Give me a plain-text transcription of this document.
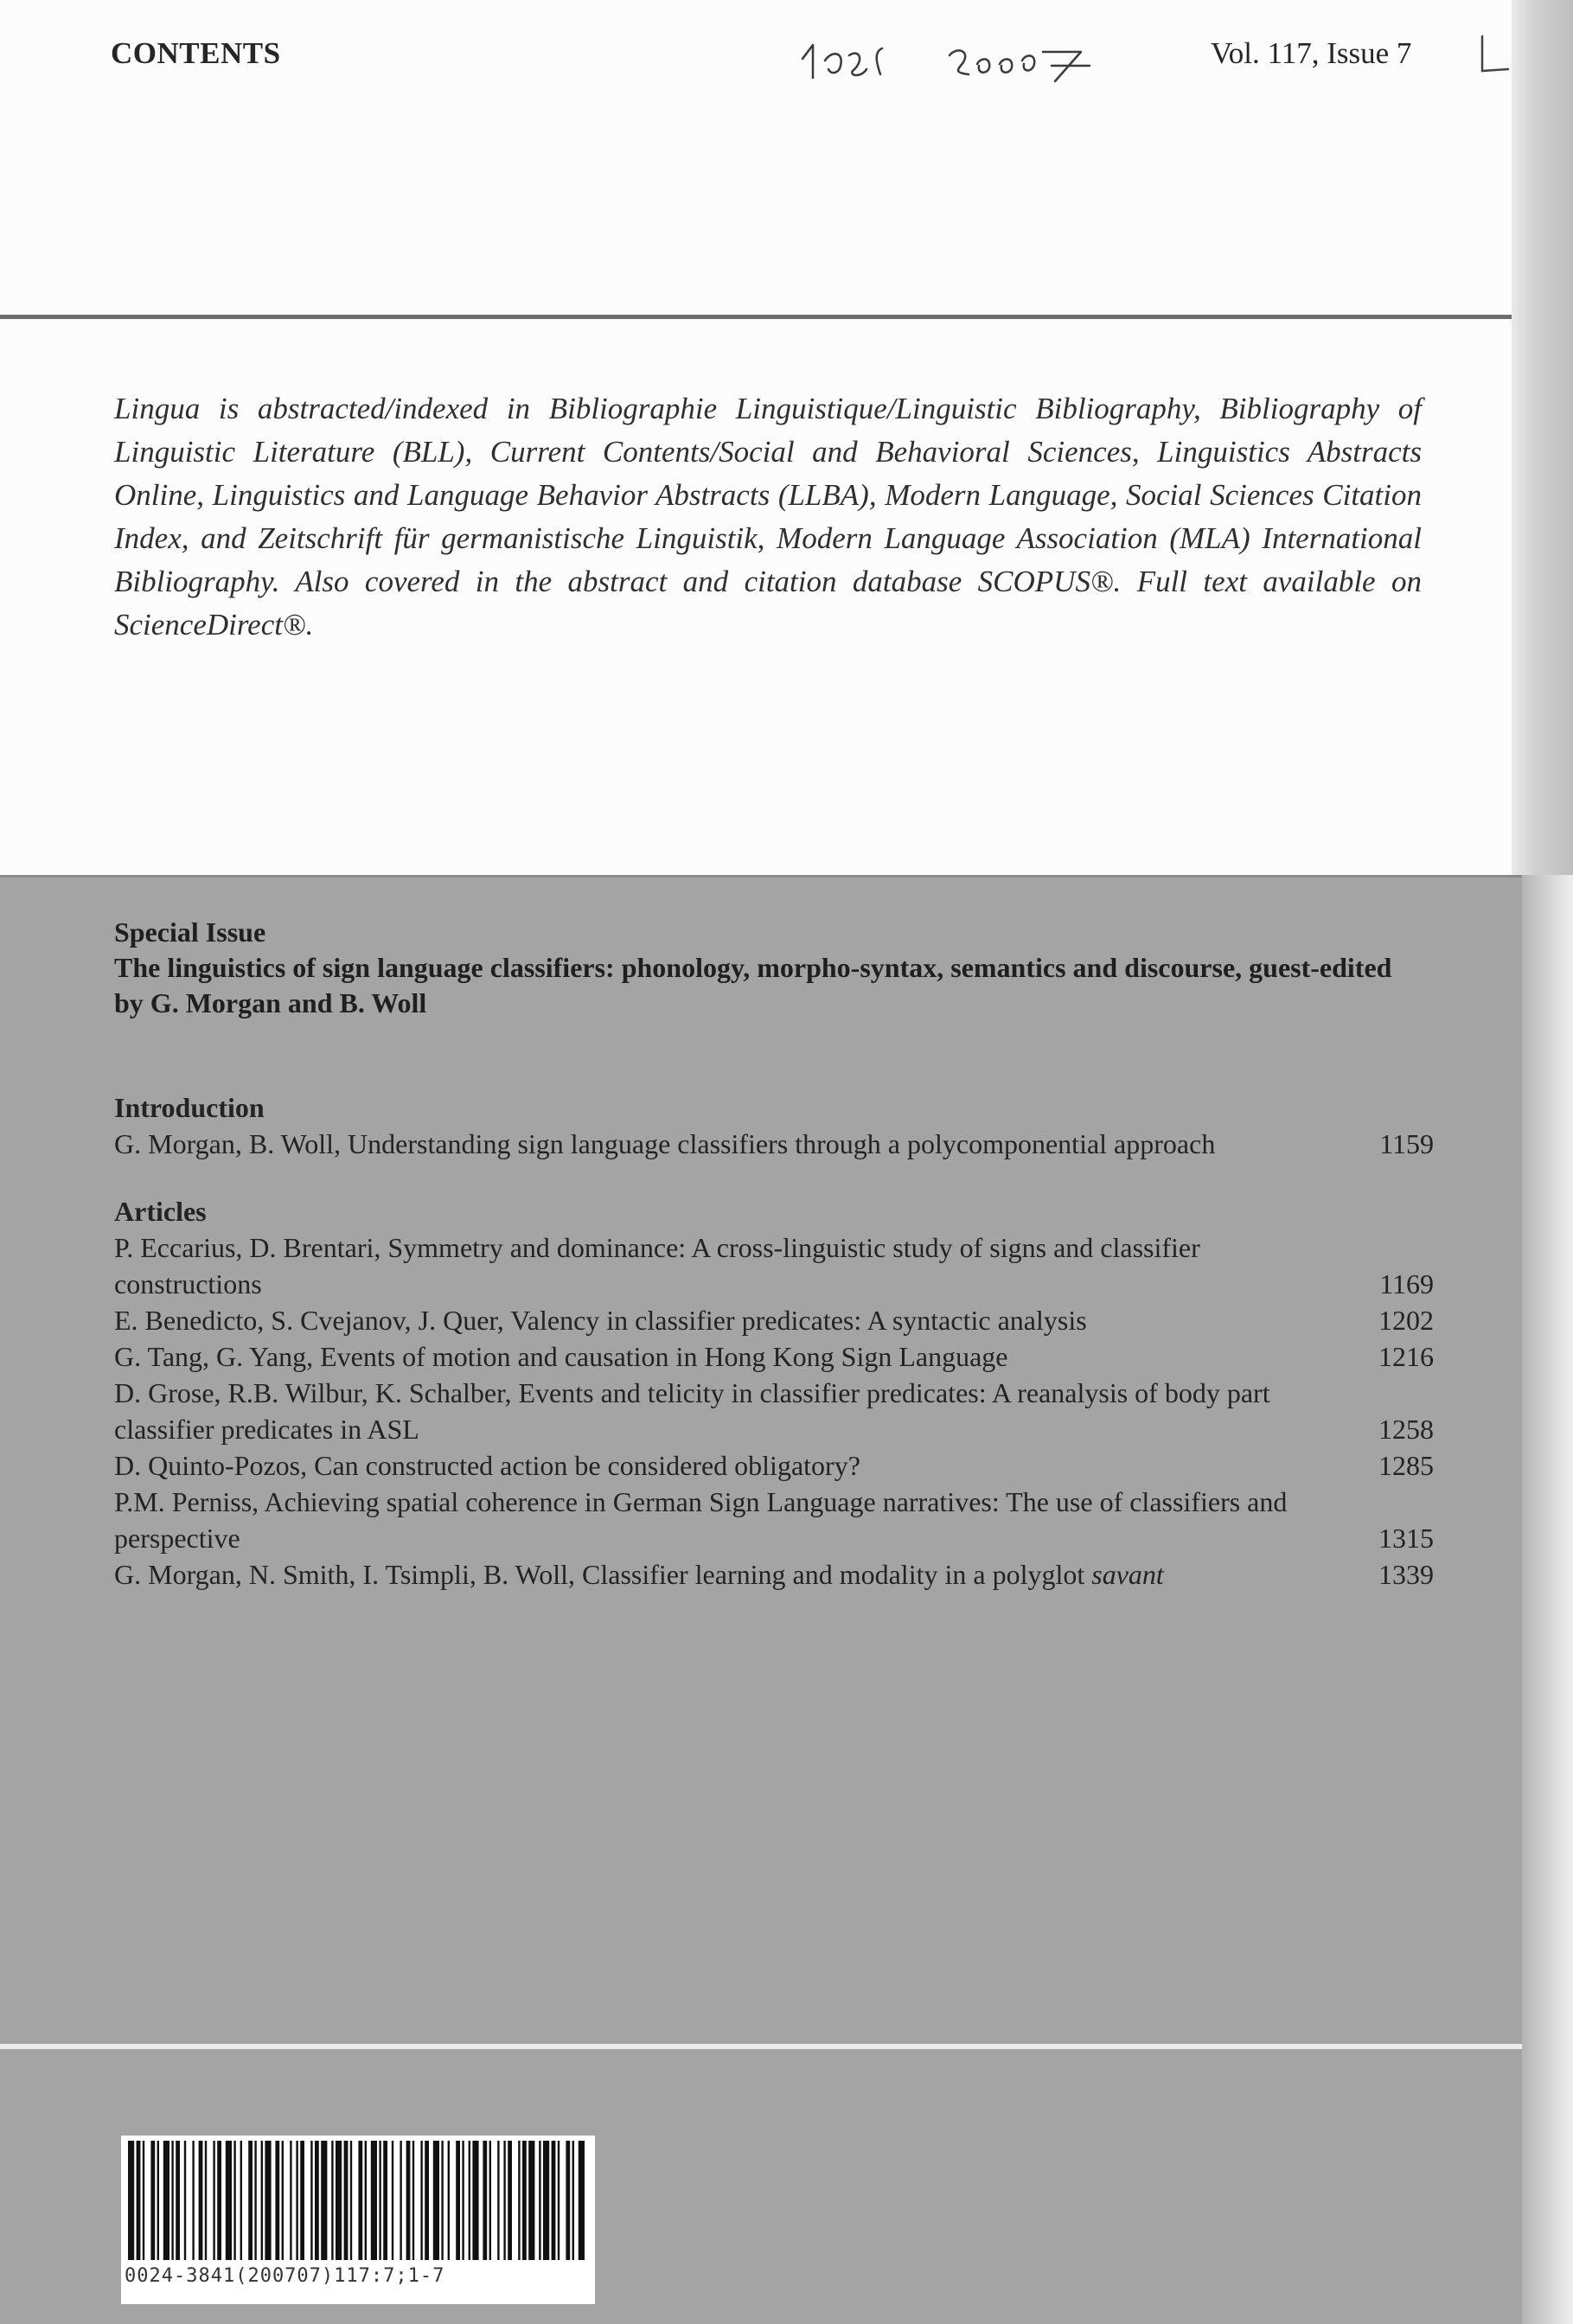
CONTENTS	Vol. 117, Issue 7
Lingua is abstracted/indexed in Bibliographie Linguistique/Linguistic Bibliography, Bibliography of Linguistic Literature (BLL), Current Contents/Social and Behavioral Sciences, Linguistics Abstracts Online, Linguistics and Language Behavior Abstracts (LLBA), Modern Language, Social Sciences Citation Index, and Zeitschrift für germanistische Linguistik, Modern Language Association (MLA) International Bibliography. Also covered in the abstract and citation database SCOPUS®. Full text available on ScienceDirect®.
Special Issue
The linguistics of sign language classifiers: phonology, morpho-syntax, semantics and discourse, guest-edited by G. Morgan and B. Woll
Introduction
G. Morgan, B. Woll, Understanding sign language classifiers through a polycomponential approach	1159
Articles
P. Eccarius, D. Brentari, Symmetry and dominance: A cross-linguistic study of signs and classifier constructions	1169
E. Benedicto, S. Cvejanov, J. Quer, Valency in classifier predicates: A syntactic analysis	1202
G. Tang, G. Yang, Events of motion and causation in Hong Kong Sign Language	1216
D. Grose, R.B. Wilbur, K. Schalber, Events and telicity in classifier predicates: A reanalysis of body part classifier predicates in ASL	1258
D. Quinto-Pozos, Can constructed action be considered obligatory?	1285
P.M. Perniss, Achieving spatial coherence in German Sign Language narratives: The use of classifiers and perspective	1315
G. Morgan, N. Smith, I. Tsimpli, B. Woll, Classifier learning and modality in a polyglot savant	1339
0024-3841(200707)117:7;1-7
